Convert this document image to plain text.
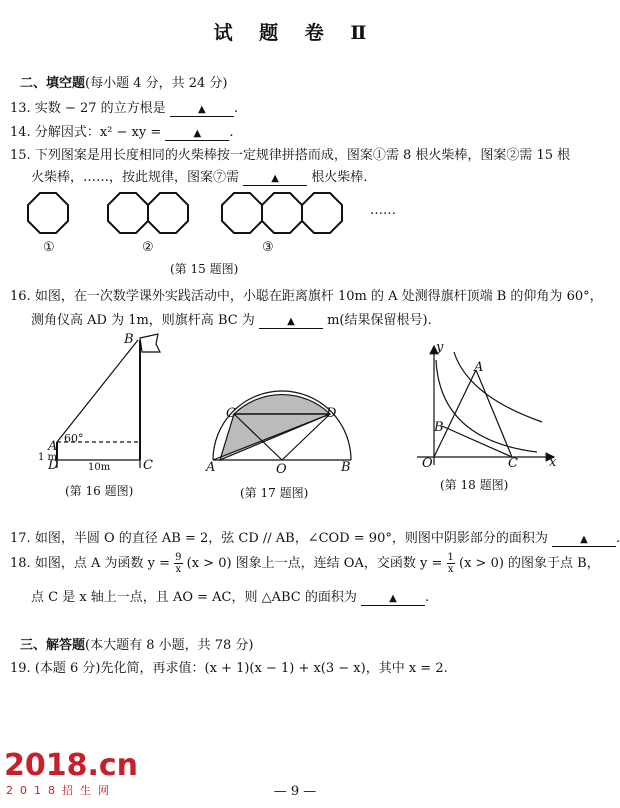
试 题 卷 Ⅱ
二、填空题(每小题 4 分，共 24 分)
13. 实数 − 27 的立方根是	▲ .
14. 分解因式：x² − xy =	▲ .
15. 下列图案是用长度相同的火柴棒按一定规律拼搭而成，图案①需 8 根火柴棒，图案②需 15 根
火柴棒，……，按此规律，图案⑦需	▲ 根火柴棒.
①	②	③
……
(第 15 题图)
16. 如图，在一次数学课外实践活动中，小聪在距离旗杆 10m 的 A 处测得旗杆顶端 B 的仰角为 60°，
测角仪高 AD 为 1m，则旗杆高 BC 为	▲ m(结果保留根号).
B
A
60°
1 m
D	C
10m
(第 16 题图)
C	D
A	O	B
(第 17 题图)
y
A
B
O	C x
(第 18 题图)
17. 如图，半圆 O 的直径 AB = 2，弦 CD // AB，∠COD = 90°，则图中阴影部分的面积为	▲ .
18. 如图，点 A 为函数 $y = \frac{9}{x} (x > 0)$ 图象上一点，连结 OA，交函数 $y = \frac{1}{x} (x > 0)$ 的图象于点 B，
点 C 是 x 轴上一点，且 AO = AC，则 △ABC 的面积为	▲ .
三、解答题(本大题有 8 小题，共 78 分)
19. (本题 6 分)先化简，再求值：(x + 1)(x − 1) + x(3 − x)，其中 x = 2.
2018.cn
2018招生网	— 9 —
